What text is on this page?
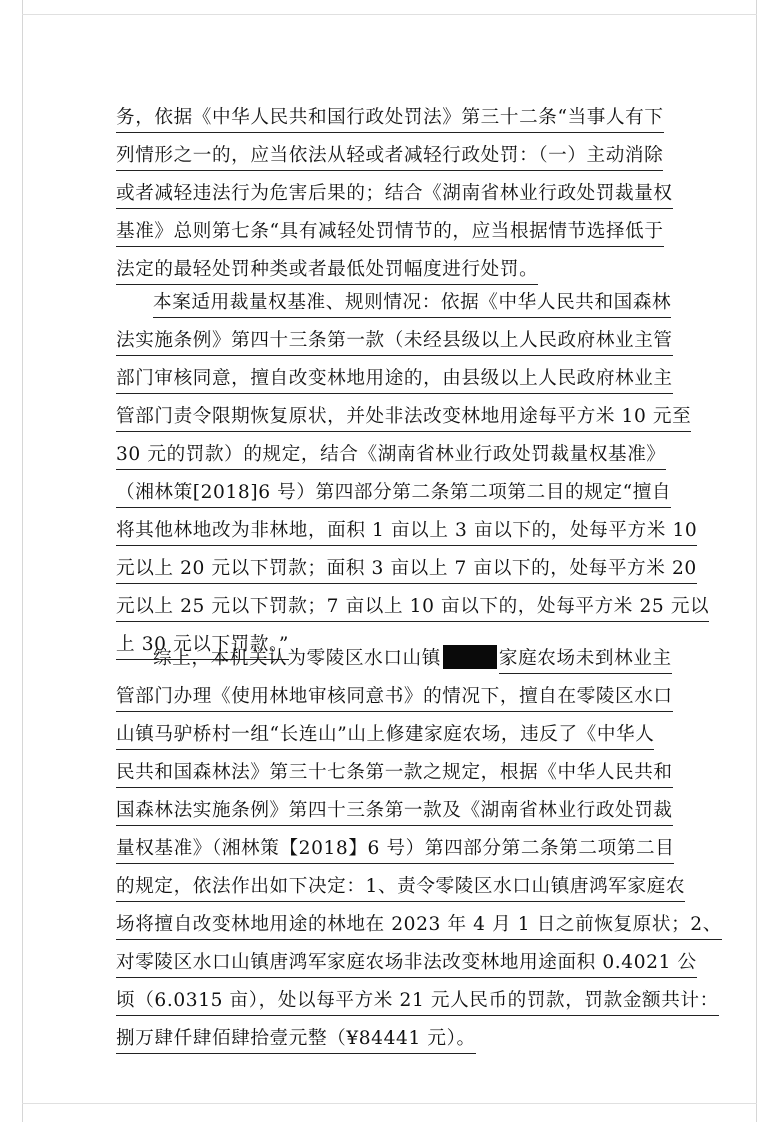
务，依据《中华人民共和国行政处罚法》第三十二条“当事人有下
列情形之一的，应当依法从轻或者减轻行政处罚：（一）主动消除
或者减轻违法行为危害后果的；结合《湖南省林业行政处罚裁量权
基准》总则第七条“具有减轻处罚情节的，应当根据情节选择低于
法定的最轻处罚种类或者最低处罚幅度进行处罚。
本案适用裁量权基准、规则情况：依据《中华人民共和国森林
法实施条例》第四十三条第一款（未经县级以上人民政府林业主管
部门审核同意，擅自改变林地用途的，由县级以上人民政府林业主
管部门责令限期恢复原状，并处非法改变林地用途每平方米 10 元至
30 元的罚款）的规定，结合《湖南省林业行政处罚裁量权基准》
（湘林策[2018]6 号）第四部分第二条第二项第二目的规定“擅自
将其他林地改为非林地，面积 1 亩以上 3 亩以下的，处每平方米 10
元以上 20 元以下罚款；面积 3 亩以上 7 亩以下的，处每平方米 20
元以上 25 元以下罚款；7 亩以上 10 亩以下的，处每平方米 25 元以
上 30 元以下罚款。”
综上，本机关认为零陵区水口山镇	家庭农场未到林业主
管部门办理《使用林地审核同意书》的情况下，擅自在零陵区水口
山镇马驴桥村一组“长连山”山上修建家庭农场，违反了《中华人
民共和国森林法》第三十七条第一款之规定，根据《中华人民共和
国森林法实施条例》第四十三条第一款及《湖南省林业行政处罚裁
量权基准》（湘林策【2018】6 号）第四部分第二条第二项第二目
的规定，依法作出如下决定：1、责令零陵区水口山镇唐鸿军家庭农
场将擅自改变林地用途的林地在 2023 年 4 月 1 日之前恢复原状；2、
对零陵区水口山镇唐鸿军家庭农场非法改变林地用途面积 0.4021 公
顷（6.0315 亩），处以每平方米 21 元人民币的罚款，罚款金额共计：
捌万肆仟肆佰肆拾壹元整（¥84441 元）。
